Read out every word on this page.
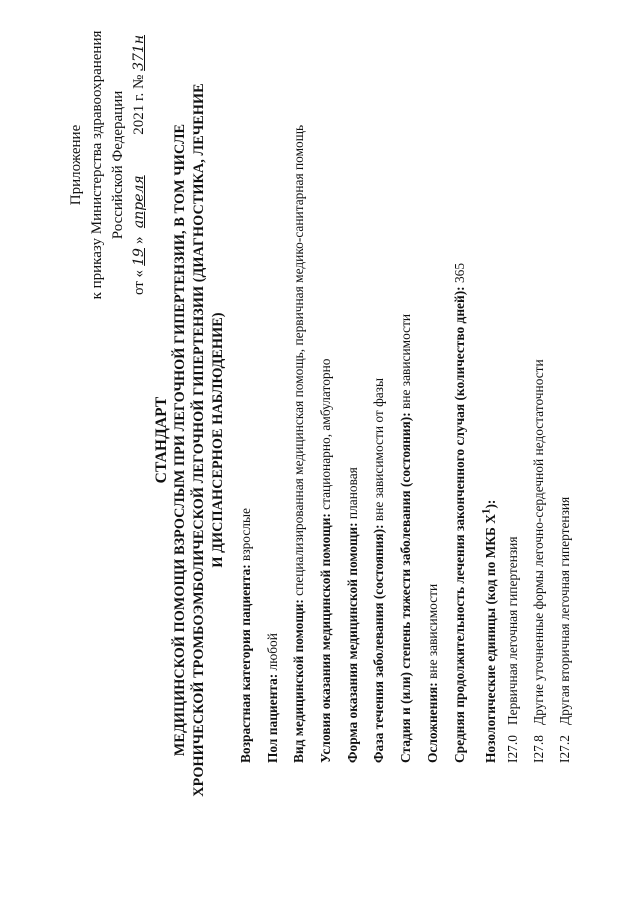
Приложение к приказу Министерства здравоохранения Российской Федерации
от «19» апреля2021 г. № 371н
СТАНДАРТ МЕДИЦИНСКОЙ ПОМОЩИ ВЗРОСЛЫМ ПРИ ЛЕГОЧНОЙ ГИПЕРТЕНЗИИ, В ТОМ ЧИСЛЕ ХРОНИЧЕСКОЙ ТРОМБОЭМБОЛИЧЕСКОЙ ЛЕГОЧНОЙ ГИПЕРТЕНЗИИ (ДИАГНОСТИКА, ЛЕЧЕНИЕ И ДИСПАНСЕРНОЕ НАБЛЮДЕНИЕ)
Возрастная категория пациента: взрослые
Пол пациента: любой Вид медицинской помощи: специализированная медицинская помощь, первичная медико-санитарная помощь
Условия оказания медицинской помощи: стационарно, амбулаторно
Форма оказания медицинской помощи: плановая
Фаза течения заболевания (состояния): вне зависимости от фазы Стадия и (или) степень тяжести заболевания (состояния): вне зависимости
Осложнения: вне зависимости Средняя продолжительность лечения законченного случая (количество дней): 365
Нозологические единицы (код по МКБ $X^1$):
I27.0Первичная легочная гипертензия
I27.8Другие уточненные формы легочно-сердечной недостаточности
I27.2Другая вторичная легочная гипертензия
